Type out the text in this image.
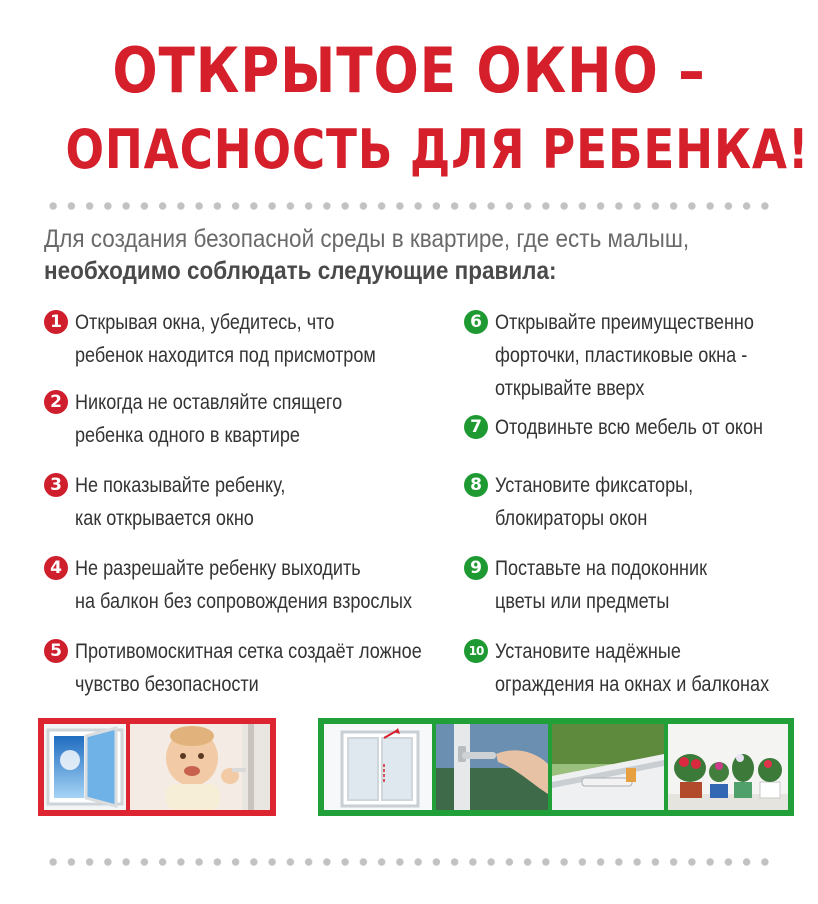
ОТКРЫТОЕ ОКНО –
ОПАСНОСТЬ ДЛЯ РЕБЕНКА!
Для создания безопасной среды в квартире, где есть малыш,
необходимо соблюдать следующие правила:
1 Открывая окна, убедитесь, что
ребенок находится под присмотром
2 Никогда не оставляйте спящего
ребенка одного в квартире
3 Не показывайте ребенку,
как открывается окно
4 Не разрешайте ребенку выходить
на балкон без сопровождения взрослых
5 Противомоскитная сетка создаёт ложное
чувство безопасности
6 Открывайте преимущественно
форточки, пластиковые окна -
открывайте вверх
7 Отодвиньте всю мебель от окон
8 Установите фиксаторы,
блокираторы окон
9 Поставьте на подоконник
цветы или предметы
10 Установите надёжные
ограждения на окнах и балконах
